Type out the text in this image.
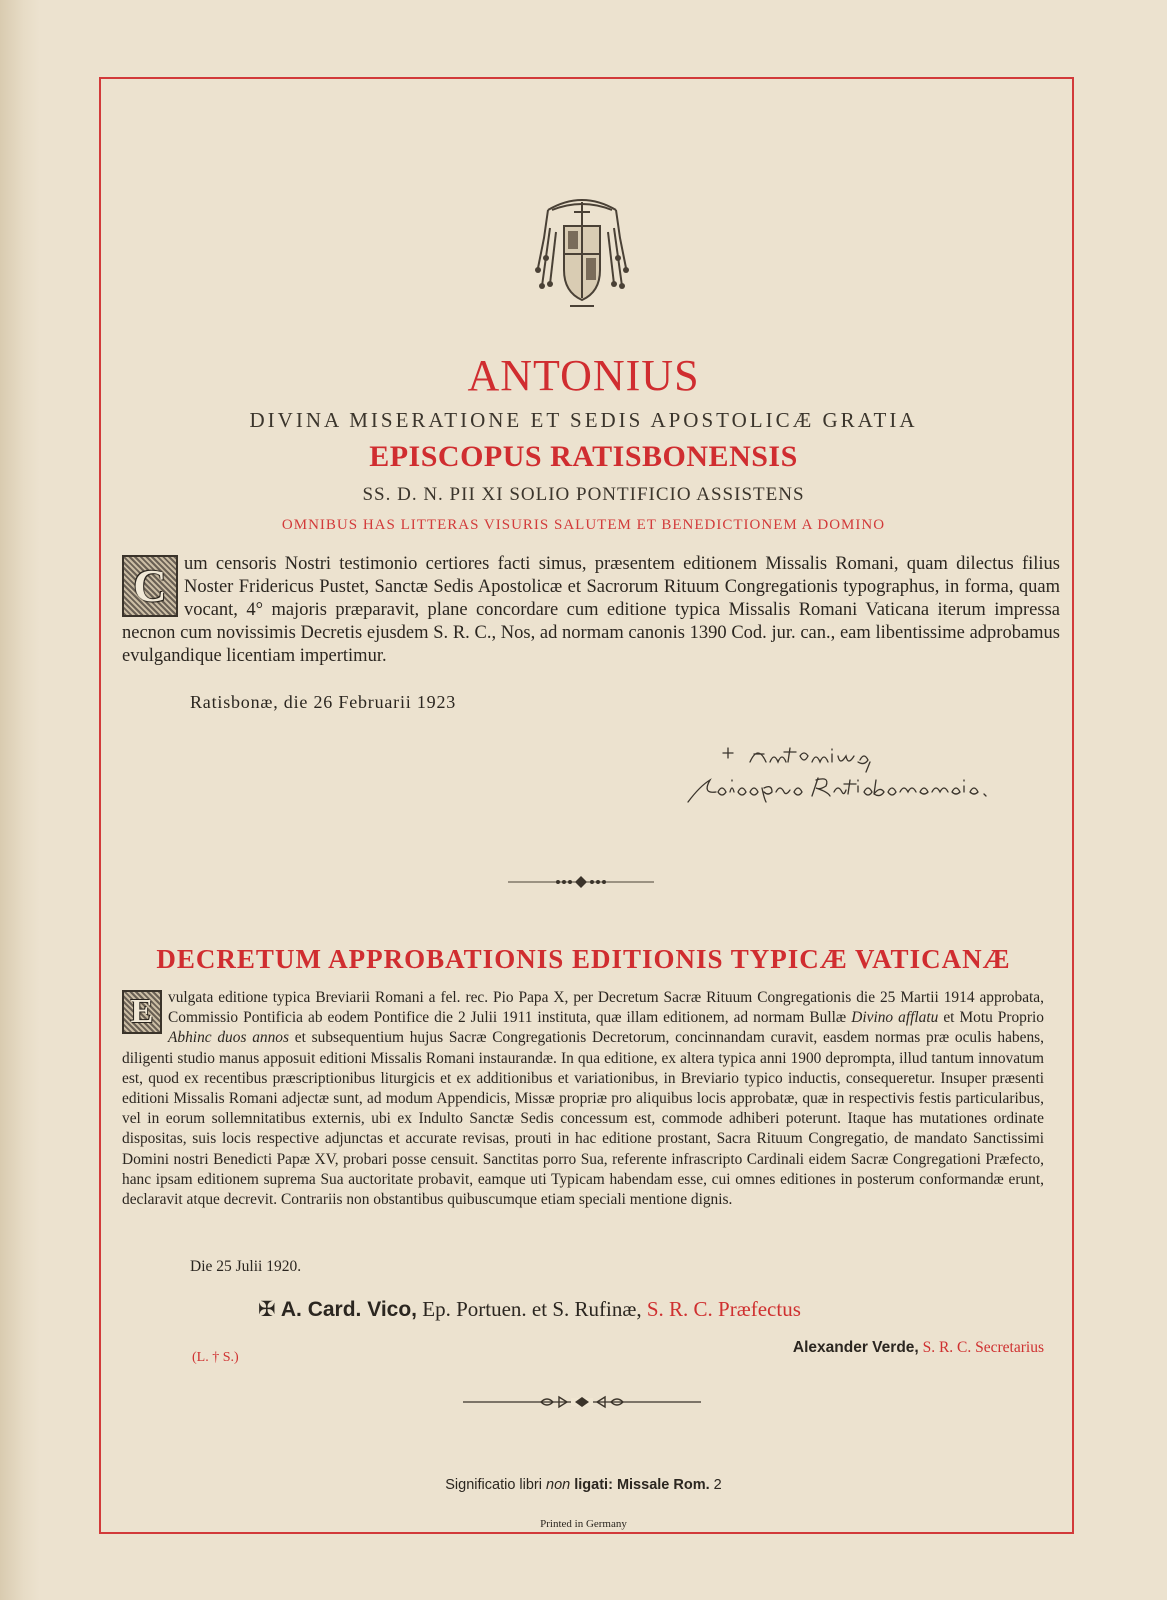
ANTONIUS
DIVINA MISERATIONE ET SEDIS APOSTOLICÆ GRATIA
EPISCOPUS RATISBONENSIS
SS. D. N. PII XI SOLIO PONTIFICIO ASSISTENS
OMNIBUS HAS LITTERAS VISURIS SALUTEM ET BENEDICTIONEM A DOMINO
C um censoris Nostri testimonio certiores facti simus, præsentem editionem Missalis Romani, quam dilectus filius Noster Fridericus Pustet, Sanctæ Sedis Apostolicæ et Sacrorum Rituum Congregationis typographus, in forma, quam vocant, 4° majoris præparavit, plane concordare cum editione typica Missalis Romani Vaticana iterum impressa necnon cum novissimis Decretis ejusdem S. R. C., Nos, ad normam canonis 1390 Cod. jur. can., eam libentissime adprobamus evulgandique licentiam impertimur.
Ratisbonæ, die 26 Februarii 1923
DECRETUM APPROBATIONIS EDITIONIS TYPICÆ VATICANÆ
E vulgata editione typica Breviarii Romani a fel. rec. Pio Papa X, per Decretum Sacræ Rituum Congregationis die 25 Martii 1914 approbata, Commissio Pontificia ab eodem Pontifice die 2 Julii 1911 instituta, quæ illam editionem, ad normam Bullæ Divino afflatu et Motu Proprio Abhinc duos annos et subsequentium hujus Sacræ Congregationis Decretorum, concinnandam curavit, easdem normas præ oculis habens, diligenti studio manus apposuit editioni Missalis Romani instaurandæ. In qua editione, ex altera typica anni 1900 deprompta, illud tantum innovatum est, quod ex recentibus præscriptionibus liturgicis et ex additionibus et variationibus, in Breviario typico inductis, consequeretur. Insuper præsenti editioni Missalis Romani adjectæ sunt, ad modum Appendicis, Missæ propriæ pro aliquibus locis approbatæ, quæ in respectivis festis particularibus, vel in eorum sollemnitatibus externis, ubi ex Indulto Sanctæ Sedis concessum est, commode adhiberi poterunt. Itaque has mutationes ordinate dispositas, suis locis respective adjunctas et accurate revisas, prouti in hac editione prostant, Sacra Rituum Congregatio, de mandato Sanctissimi Domini nostri Benedicti Papæ XV, probari posse censuit. Sanctitas porro Sua, referente infrascripto Cardinali eidem Sacræ Congregationi Præfecto, hanc ipsam editionem suprema Sua auctoritate probavit, eamque uti Typicam habendam esse, cui omnes editiones in posterum conformandæ erunt, declaravit atque decrevit. Contrariis non obstantibus quibuscumque etiam speciali mentione dignis.
Die 25 Julii 1920.
✠ A. Card. Vico, Ep. Portuen. et S. Rufinæ, S. R. C. Præfectus
(L. † S.)
Alexander Verde, S. R. C. Secretarius
Significatio libri non ligati: Missale Rom. 2
Printed in Germany
